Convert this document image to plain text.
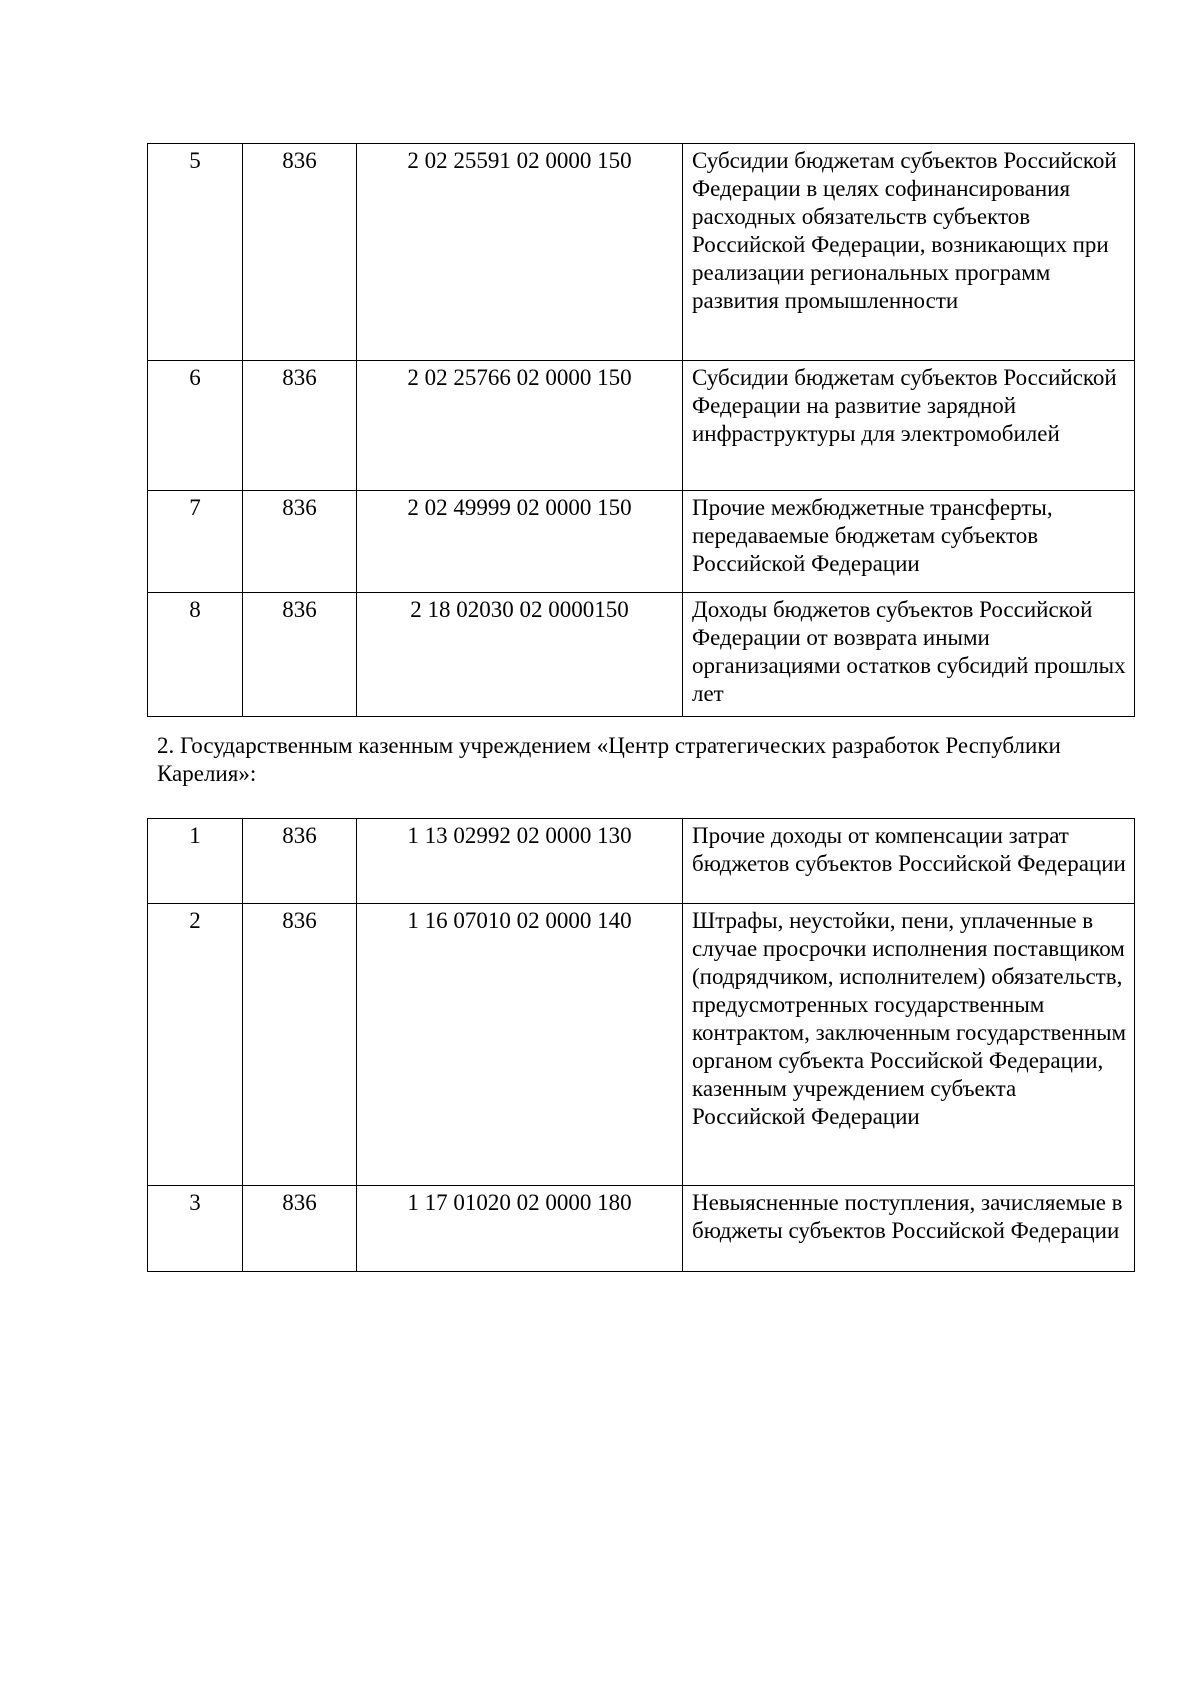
5	836	2 02 25591 02 0000 150	Субсидии бюджетам субъектов Российской Федерации в целях софинансирования расходных обязательств субъектов Российской Федерации, возникающих при реализации региональных программ развития промышленности
6	836	2 02 25766 02 0000 150	Субсидии бюджетам субъектов Российской Федерации на развитие зарядной инфраструктуры для электромобилей
7	836	2 02 49999 02 0000 150	Прочие межбюджетные трансферты, передаваемые бюджетам субъектов Российской Федерации
8	836	2 18 02030 02 0000150	Доходы бюджетов субъектов Российской Федерации от возврата иными организациями остатков субсидий прошлых лет

2. Государственным казенным учреждением «Центр стратегических разработок Республики Карелия»:

1	836	1 13 02992 02 0000 130	Прочие доходы от компенсации затрат бюджетов субъектов Российской Федерации
2	836	1 16 07010 02 0000 140	Штрафы, неустойки, пени, уплаченные в случае просрочки исполнения поставщиком (подрядчиком, исполнителем) обязательств, предусмотренных государственным контрактом, заключенным государственным органом субъекта Российской Федерации, казенным учреждением субъекта Российской Федерации
3	836	1 17 01020 02 0000 180	Невыясненные поступления, зачисляемые в бюджеты субъектов Российской Федерации
